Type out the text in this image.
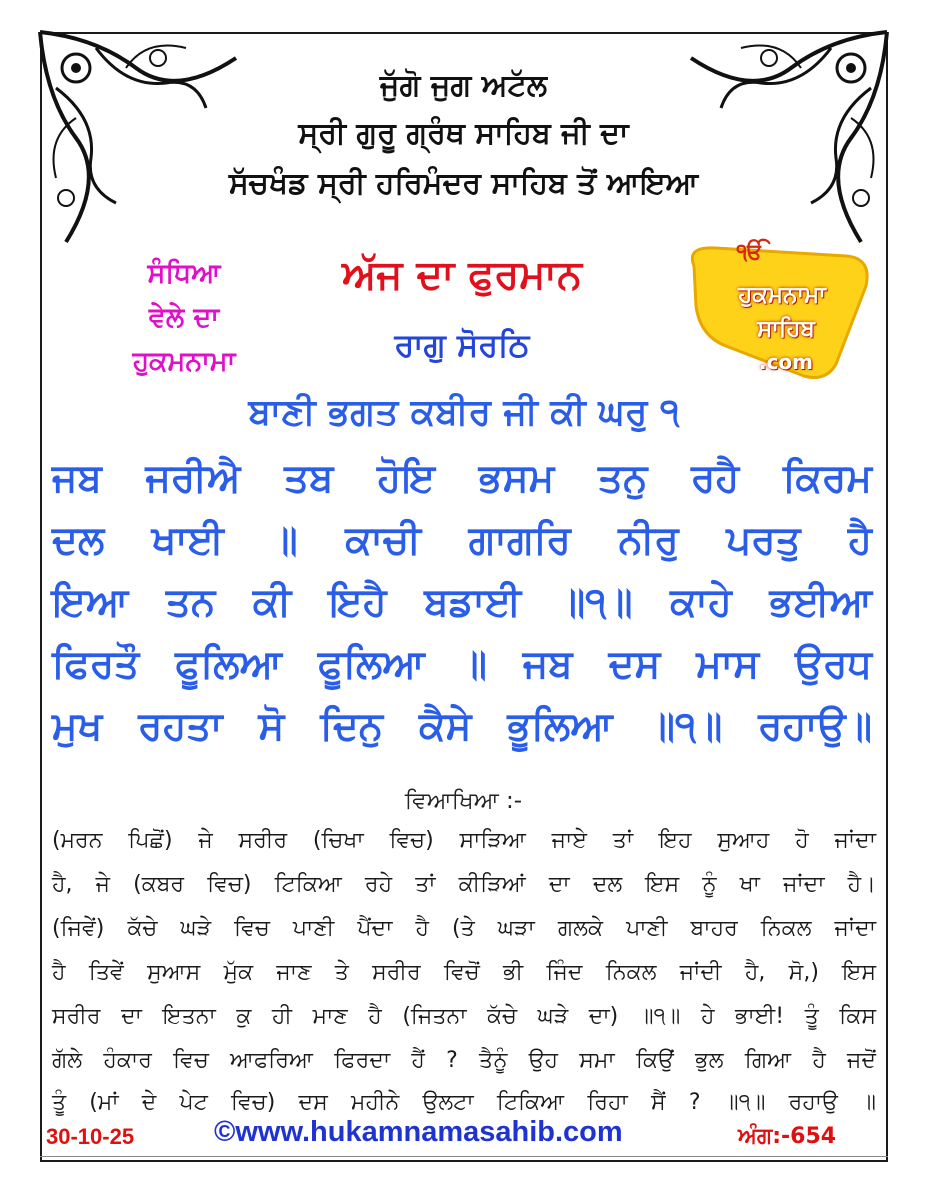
ਜੁੱਗੋ ਜੁਗ ਅਟੱਲ
ਸ੍ਰੀ ਗੁਰੂ ਗ੍ਰੰਥ ਸਾਹਿਬ ਜੀ ਦਾ
ਸੱਚਖੰਡ ਸ੍ਰੀ ਹਰਿਮੰਦਰ ਸਾਹਿਬ ਤੋਂ ਆਇਆ
ਸੰਧਿਆ
ਵੇਲੇ ਦਾ
ਹੁਕਮਨਾਮਾ
ਅੱਜ ਦਾ ਫੁਰਮਾਨ
ਰਾਗੁ ਸੋਰਠਿ
ੴ
ਹੁਕਮਨਾਮਾ
ਸਾਹਿਬ
.com
ਬਾਣੀ ਭਗਤ ਕਬੀਰ ਜੀ ਕੀ ਘਰੁ ੧
ਜਬ ਜਰੀਐ ਤਬ ਹੋਇ ਭਸਮ ਤਨੁ ਰਹੈ ਕਿਰਮ
ਦਲ ਖਾਈ ॥ ਕਾਚੀ ਗਾਗਰਿ ਨੀਰੁ ਪਰਤੁ ਹੈ
ਇਆ ਤਨ ਕੀ ਇਹੈ ਬਡਾਈ ॥੧॥ ਕਾਹੇ ਭਈਆ
ਫਿਰਤੌ ਫੂਲਿਆ ਫੂਲਿਆ ॥ ਜਬ ਦਸ ਮਾਸ ਉਰਧ
ਮੁਖ ਰਹਤਾ ਸੋ ਦਿਨੁ ਕੈਸੇ ਭੂਲਿਆ ॥੧॥ ਰਹਾਉ॥
ਵਿਆਖਿਆ :-
(ਮਰਨ ਪਿਛੋਂ) ਜੇ ਸਰੀਰ (ਚਿਖਾ ਵਿਚ) ਸਾੜਿਆ ਜਾਏ ਤਾਂ ਇਹ ਸੁਆਹ ਹੋ ਜਾਂਦਾ
ਹੈ, ਜੇ (ਕਬਰ ਵਿਚ) ਟਿਕਿਆ ਰਹੇ ਤਾਂ ਕੀੜਿਆਂ ਦਾ ਦਲ ਇਸ ਨੂੰ ਖਾ ਜਾਂਦਾ ਹੈ।
(ਜਿਵੇਂ) ਕੱਚੇ ਘੜੇ ਵਿਚ ਪਾਣੀ ਪੈਂਦਾ ਹੈ (ਤੇ ਘੜਾ ਗਲਕੇ ਪਾਣੀ ਬਾਹਰ ਨਿਕਲ ਜਾਂਦਾ
ਹੈ ਤਿਵੇਂ ਸੁਆਸ ਮੁੱਕ ਜਾਣ ਤੇ ਸਰੀਰ ਵਿਚੋਂ ਭੀ ਜਿੰਦ ਨਿਕਲ ਜਾਂਦੀ ਹੈ, ਸੋ,) ਇਸ
ਸਰੀਰ ਦਾ ਇਤਨਾ ਕੁ ਹੀ ਮਾਣ ਹੈ (ਜਿਤਨਾ ਕੱਚੇ ਘੜੇ ਦਾ) ॥੧॥ ਹੇ ਭਾਈ! ਤੂੰ ਕਿਸ
ਗੱਲੇ ਹੰਕਾਰ ਵਿਚ ਆਫਰਿਆ ਫਿਰਦਾ ਹੈਂ ? ਤੈਨੂੰ ਉਹ ਸਮਾ ਕਿਉਂ ਭੁਲ ਗਿਆ ਹੈ ਜਦੋਂ
ਤੂੰ (ਮਾਂ ਦੇ ਪੇਟ ਵਿਚ) ਦਸ ਮਹੀਨੇ ਉਲਟਾ ਟਿਕਿਆ ਰਿਹਾ ਸੈਂ ? ॥੧॥ ਰਹਾਉ ॥
30-10-25	©www.hukamnamasahib.com	ਅੰਗ:-654
